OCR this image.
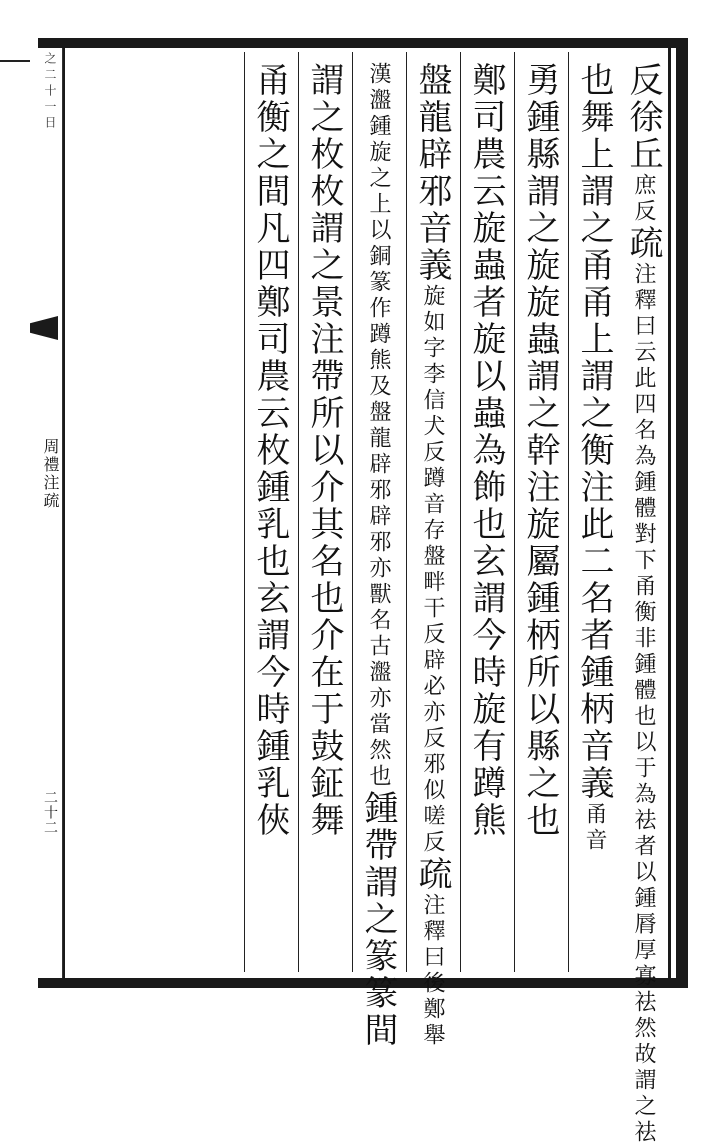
之二十一日
周禮注疏
二十二
反徐丘庶反疏注釋曰云此四名為鍾體對下甬衡非鍾體也以于為祛者以鍾脣厚寡祛然故謂之祛
也舞上謂之甬甬上謂之衡注此二名者鍾柄音義甬音
勇鍾縣謂之旋旋蟲謂之幹注旋屬鍾柄所以縣之也
鄭司農云旋蟲者旋以蟲為飾也玄謂今時旋有蹲熊
盤龍辟邪音義旋如字李信犬反蹲音存盤畔干反辟必亦反邪似嗟反疏注釋曰後鄭舉
漢瀊鍾旋之上以銅篆作蹲熊及盤龍辟邪辟邪亦獸名古瀊亦當然也鍾帶謂之篆篆間
謂之枚枚謂之景注帶所以介其名也介在于鼓鉦舞
甬衡之間凡四鄭司農云枚鍾乳也玄謂今時鍾乳俠
